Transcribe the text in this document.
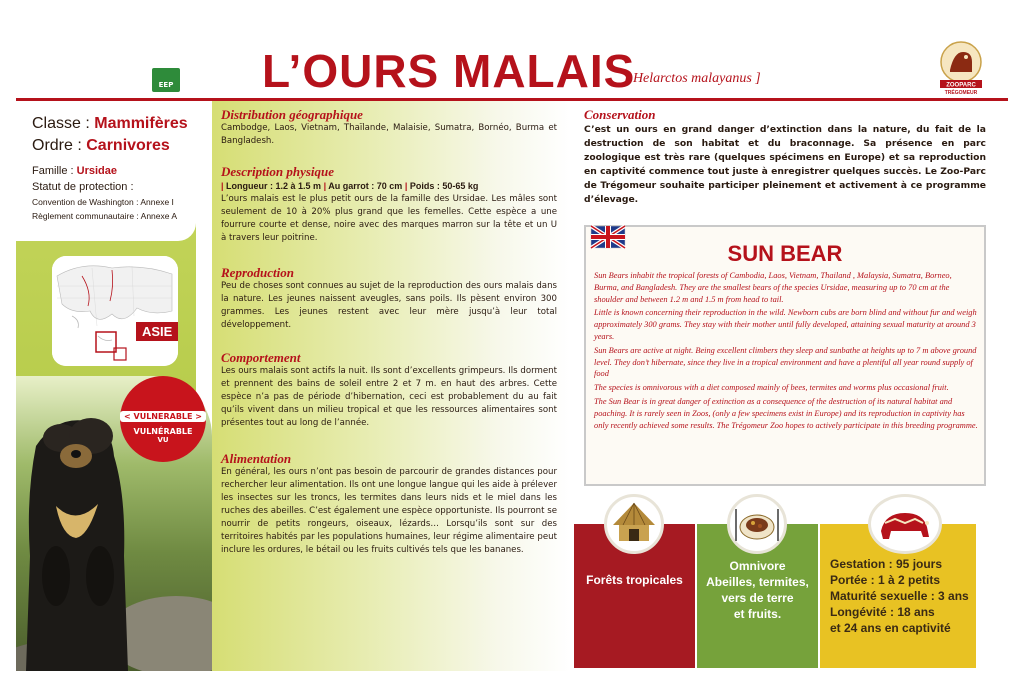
L’OURS MALAIS
[ Helarctos malayanus ]	ZOOPARC
TRÉGOMEUR
Classe : Mammifères
Ordre : Carnivores
Famille : Ursidae
Statut de protection :
Convention de Washington : Annexe I
Règlement communautaire : Annexe A
EEP
ASIE
< VULNERABLE >
VULNÉRABLE
VU
Distribution géographique
Cambodge, Laos, Vietnam, Thaïlande, Malaisie, Sumatra, Bornéo, Burma et Bangladesh.
Description physique
| Longueur : 1.2 à 1.5 m | Au garrot : 70 cm | Poids : 50-65 kg
L’ours malais est le plus petit ours de la famille des Ursidae. Les mâles sont seulement de 10 à 20% plus grand que les femelles. Cette espèce a une fourrure courte et dense, noire avec des marques marron sur la tête et un U à travers leur poitrine.
Reproduction
Peu de choses sont connues au sujet de la reproduction des ours malais dans la nature. Les jeunes naissent aveugles, sans poils. Ils pèsent environ 300 grammes. Les jeunes restent avec leur mère jusqu’à leur total développement.
Comportement
Les ours malais sont actifs la nuit. Ils sont d’excellents grimpeurs. Ils dorment et prennent des bains de soleil entre 2 et 7 m. en haut des arbres. Cette espèce n’a pas de période d’hibernation, ceci est probablement du au fait qu’ils vivent dans un milieu tropical et que les ressources alimentaires sont présentes tout au long de l’année.
Alimentation
En général, les ours n’ont pas besoin de parcourir de grandes distances pour rechercher leur alimentation. Ils ont une longue langue qui les aide à prélever les insectes sur les troncs, les termites dans leurs nids et le miel dans les ruches des abeilles. C’est également une espèce opportuniste. Ils pourront se nourrir de petits rongeurs, oiseaux, lézards… Lorsqu’ils sont sur des territoires habités par les populations humaines, leur régime alimentaire peut inclure les ordures, le bétail ou les fruits cultivés tels que les bananes.
Conservation
C’est un ours en grand danger d’extinction dans la nature, du fait de la destruction de son habitat et du braconnage. Sa présence en parc zoologique est très rare (quelques spécimens en Europe) et sa reproduction en captivité commence tout juste à enregistrer quelques succès. Le Zoo-Parc de Trégomeur souhaite participer pleinement et activement à ce programme d’élevage.
SUN BEAR

Sun Bears inhabit the tropical forests of Cambodia, Laos, Vietnam, Thailand , Malaysia, Sumatra, Borneo, Burma, and Bangladesh. They are the smallest bears of the species Ursidae, measuring up to 70 cm at the shoulder and between 1.2 m and 1.5 m from head to tail.

Little is known concerning their reproduction in the wild. Newborn cubs are born blind and without fur and weigh approximately 300 grams. They stay with their mother until fully developed, attaining sexual maturity at around 3 years.

Sun Bears are active at night. Being excellent climbers they sleep and sunbathe at heights up to 7 m above ground level. They don’t hibernate, since they live in a tropical environment and have a plentiful all year round supply of food

The species is omnivorous with a diet composed mainly of bees, termites and worms plus occasional fruit.

The Sun Bear is in great danger of extinction as a consequence of the destruction of its natural habitat and poaching. It is rarely seen in Zoos, (only a few specimens exist in Europe) and its reproduction in captivity has only recently achieved some results. The Trégomeur Zoo hopes to actively participate in this breeding programme.

Forêts tropicales
Omnivore
Abeilles, termites,
vers de terre
et fruits.
Gestation : 95 jours
Portée : 1 à 2 petits
Maturité sexuelle : 3 ans
Longévité : 18 ans
et 24 ans en captivité
